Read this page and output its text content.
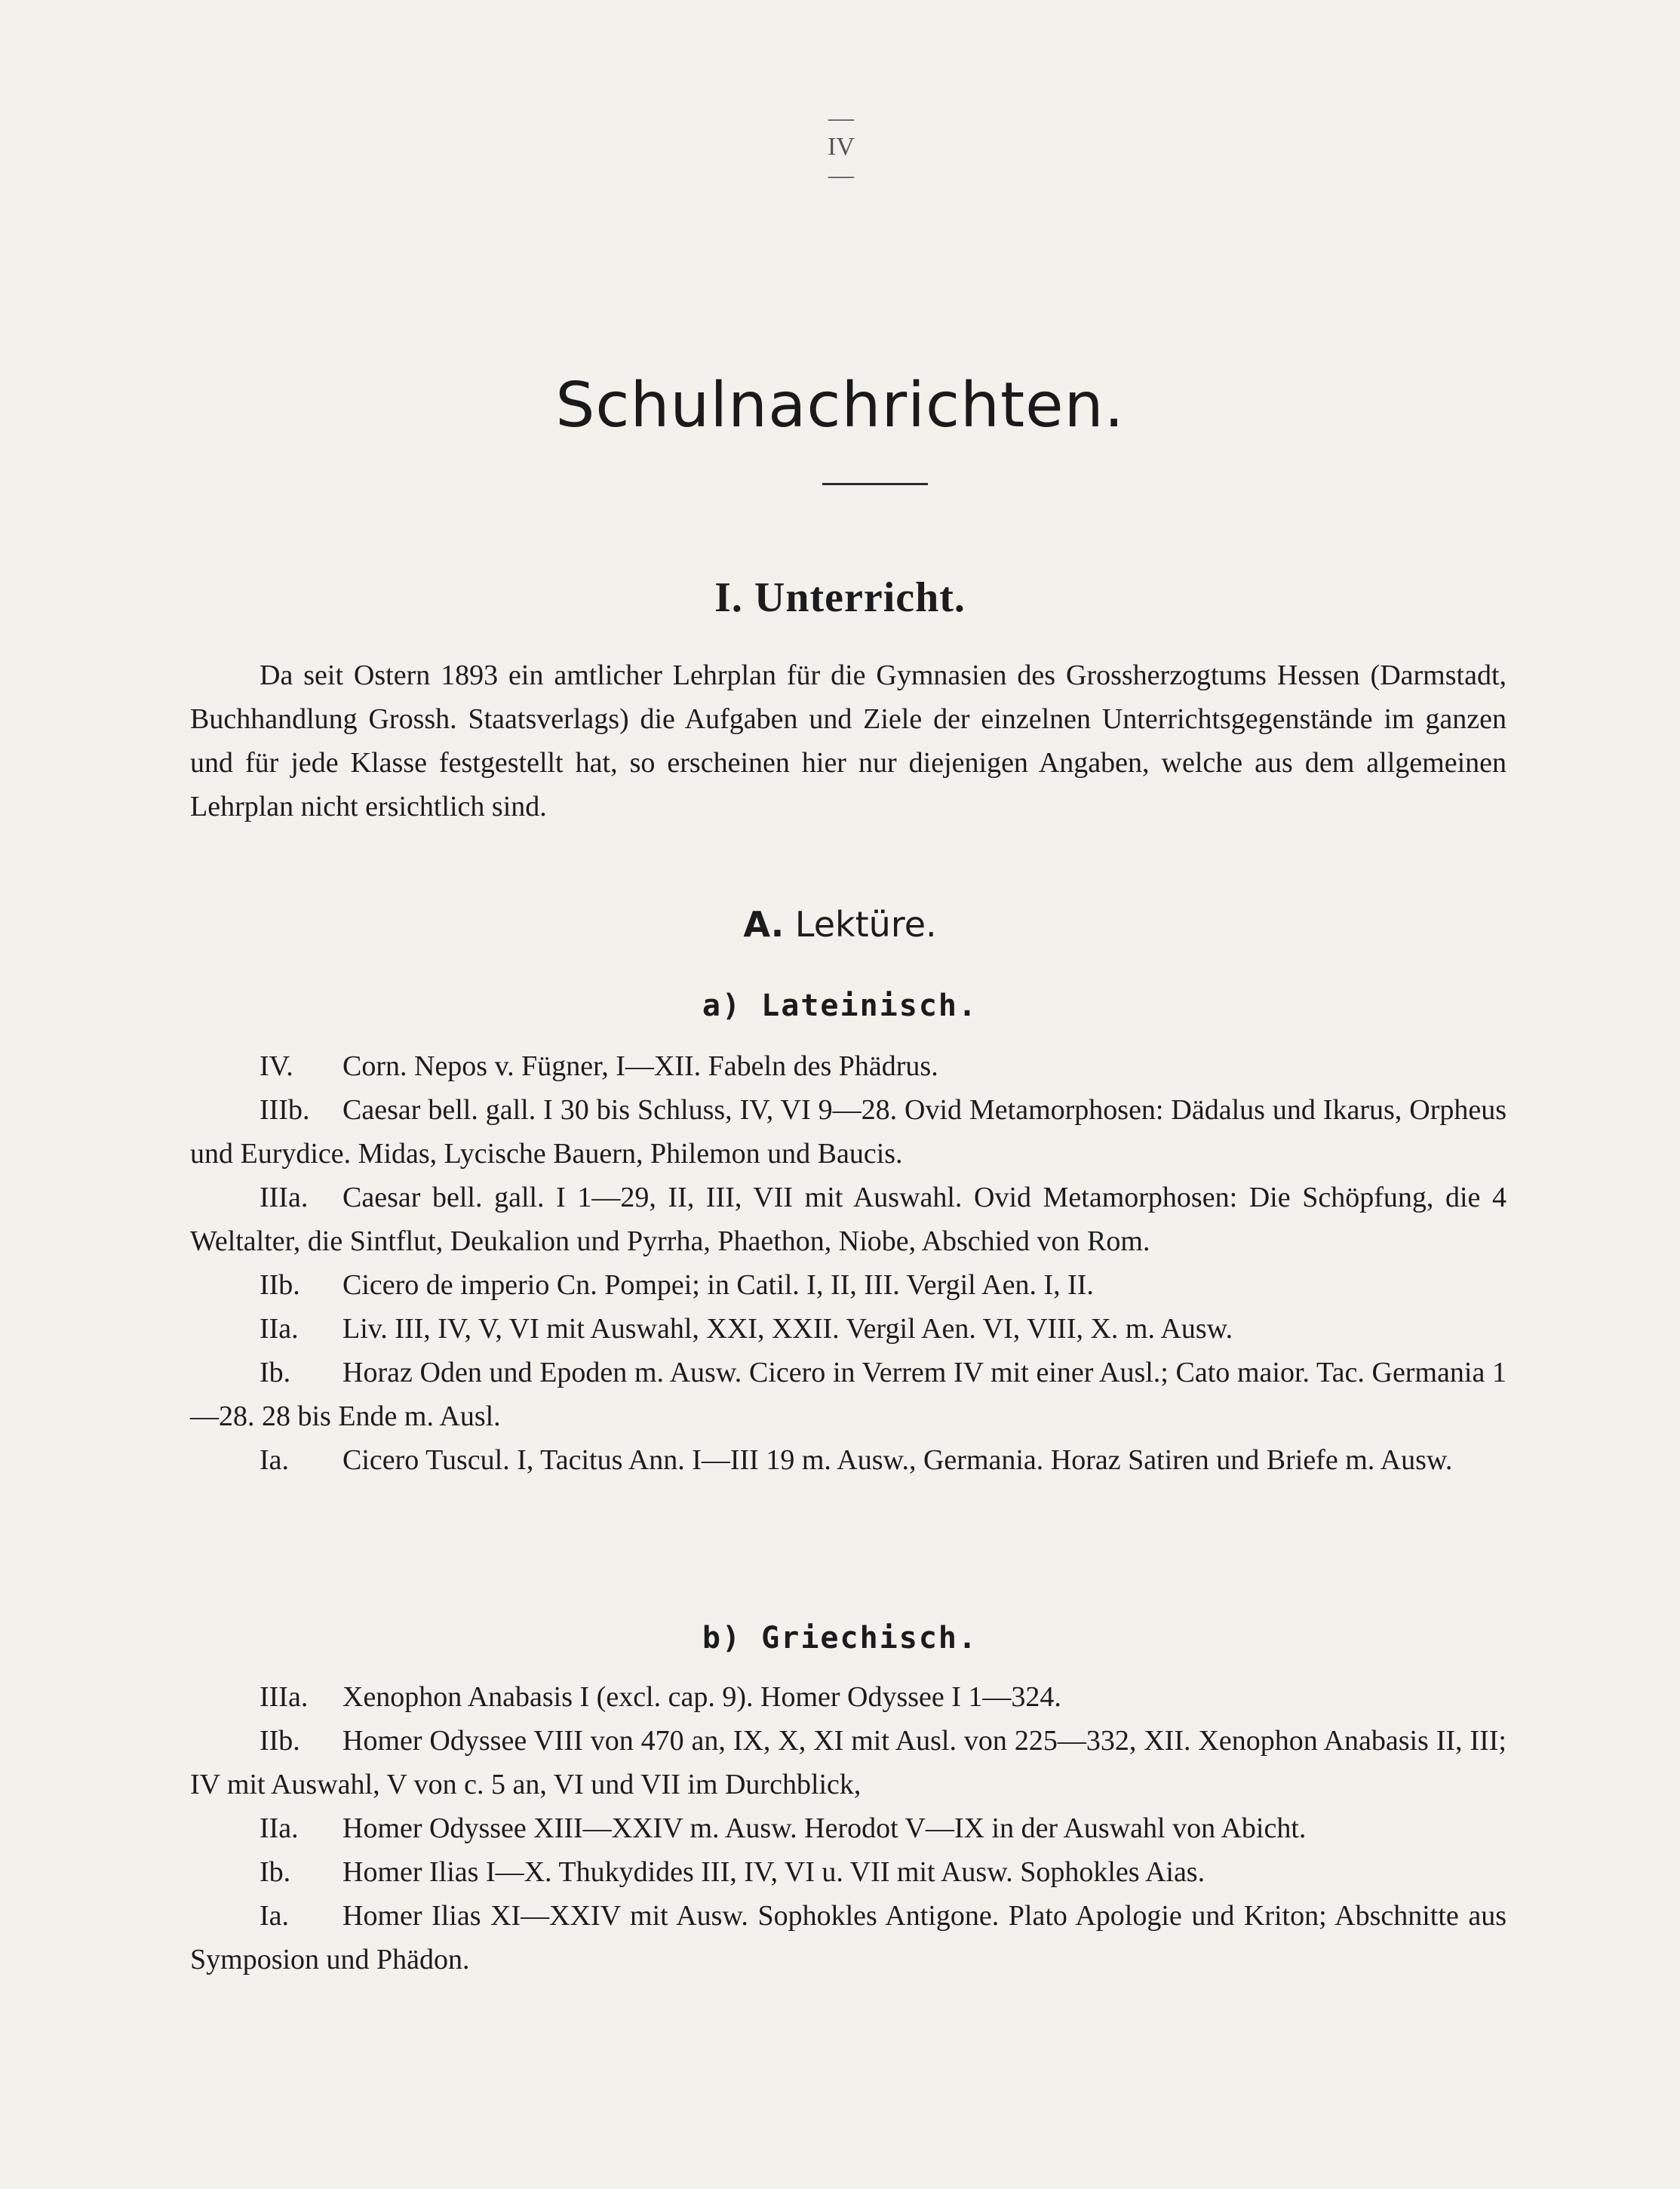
— IV —
Schulnachrichten.
I. Unterricht.

Da seit Ostern 1893 ein amtlicher Lehrplan für die Gymnasien des Grossherzogtums Hessen (Darmstadt, Buchhandlung Grossh. Staatsverlags) die Aufgaben und Ziele der einzelnen Unterrichtsgegenstände im ganzen und für jede Klasse festgestellt hat, so erscheinen hier nur diejenigen Angaben, welche aus dem allgemeinen Lehrplan nicht ersichtlich sind.

A. Lektüre.
a) Lateinisch.

IV. Corn. Nepos v. Fügner, I—XII. Fabeln des Phädrus.

IIIb. Caesar bell. gall. I 30 bis Schluss, IV, VI 9—28. Ovid Metamorphosen: Dädalus und Ikarus, Orpheus und Eurydice. Midas, Lycische Bauern, Philemon und Baucis.

IIIa. Caesar bell. gall. I 1—29, II, III, VII mit Auswahl. Ovid Metamorphosen: Die Schöpfung, die 4 Weltalter, die Sintflut, Deukalion und Pyrrha, Phaethon, Niobe, Abschied von Rom.

IIb. Cicero de imperio Cn. Pompei; in Catil. I, II, III. Vergil Aen. I, II.

IIa. Liv. III, IV, V, VI mit Auswahl, XXI, XXII. Vergil Aen. VI, VIII, X. m. Ausw.

Ib. Horaz Oden und Epoden m. Ausw. Cicero in Verrem IV mit einer Ausl.; Cato maior. Tac. Germania 1—28. 28 bis Ende m. Ausl.

Ia. Cicero Tuscul. I, Tacitus Ann. I—III 19 m. Ausw., Germania. Horaz Satiren und Briefe m. Ausw.

b) Griechisch.

IIIa. Xenophon Anabasis I (excl. cap. 9). Homer Odyssee I 1—324.

IIb. Homer Odyssee VIII von 470 an, IX, X, XI mit Ausl. von 225—332, XII. Xenophon Anabasis II, III; IV mit Auswahl, V von c. 5 an, VI und VII im Durchblick,

IIa. Homer Odyssee XIII—XXIV m. Ausw. Herodot V—IX in der Auswahl von Abicht.

Ib. Homer Ilias I—X. Thukydides III, IV, VI u. VII mit Ausw. Sophokles Aias.

Ia. Homer Ilias XI—XXIV mit Ausw. Sophokles Antigone. Plato Apologie und Kriton; Abschnitte aus Symposion und Phädon.
